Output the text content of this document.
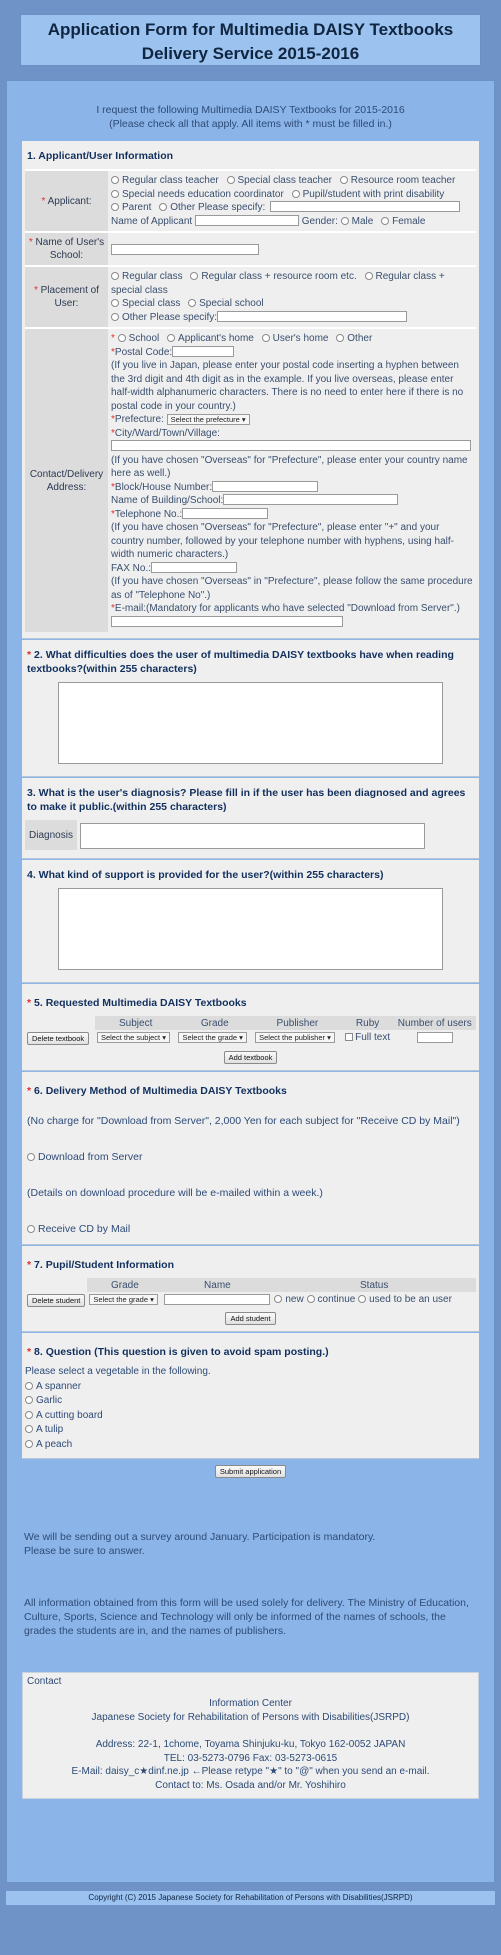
Application Form for Multimedia DAISY Textbooks
Delivery Service 2015-2016
I request the following Multimedia DAISY Textbooks for 2015-2016
(Please check all that apply. All items with * must be filled in.)
1. Applicant/User Information
* Applicant:
Regular class teacher Special class teacher Resource room teacher
Special needs education coordinator Pupil/student with print disability
Parent Other Please specify:
Name of Applicant	Gender: Male Female
* Name of User's School:
* Placement of User:
Regular class Regular class + resource room etc. Regular class + special class
Special class Special school
Other Please specify:
Contact/Delivery Address:
* School Applicant's home User's home Other
*Postal Code:
(If you live in Japan, please enter your postal code inserting a hyphen between the 3rd digit and 4th digit as in the example. If you live overseas, please enter half-width alphanumeric characters. There is no need to enter here if there is no postal code in your country.)
*Prefecture: Select the prefecture ▾
*City/Ward/Town/Village:

(If you have chosen "Overseas" for "Prefecture", please enter your country name here as well.)
*Block/House Number:
Name of Building/School:
*Telephone No.:
(If you have chosen "Overseas" for "Prefecture", please enter "+" and your country number, followed by your telephone number with hyphens, using half-width numeric characters.)
FAX No.:
(If you have chosen "Overseas" in "Prefecture", please follow the same procedure as of "Telephone No".)
*E-mail:(Mandatory for applicants who have selected "Download from Server".)

* 2. What difficulties does the user of multimedia DAISY textbooks have when reading textbooks?(within 255 characters)
3. What is the user's diagnosis? Please fill in if the user has been diagnosed and agrees to make it public.(within 255 characters)
Diagnosis
4. What kind of support is provided for the user?(within 255 characters)
* 5. Requested Multimedia DAISY Textbooks
	Subject	Grade	Publisher	Ruby	Number of users
Delete textbook	Select the subject ▾	Select the grade ▾	Select the publisher ▾	Full text	
Add textbook
* 6. Delivery Method of Multimedia DAISY Textbooks
(No charge for "Download from Server", 2,000 Yen for each subject for "Receive CD by Mail")
Download from Server
(Details on download procedure will be e-mailed within a week.)
Receive CD by Mail
* 7. Pupil/Student Information
	Grade	Name	Status
Delete student	Select the grade ▾		new continue used to be an user
Add student
* 8. Question (This question is given to avoid spam posting.)
Please select a vegetable in the following.
A spanner
Garlic
A cutting board
A tulip
A peach
Submit application
We will be sending out a survey around January. Participation is mandatory.
Please be sure to answer.
All information obtained from this form will be used solely for delivery. The Ministry of Education, Culture, Sports, Science and Technology will only be informed of the names of schools, the grades the students are in, and the names of publishers.
Contact
Information Center
Japanese Society for Rehabilitation of Persons with Disabilities(JSRPD)
Address: 22-1, 1chome, Toyama Shinjuku-ku, Tokyo 162-0052 JAPAN
TEL: 03-5273-0796 Fax: 03-5273-0615
E-Mail: daisy_c★dinf.ne.jp ←Please retype "★" to "@" when you send an e-mail.
Contact to: Ms. Osada and/or Mr. Yoshihiro
Copyright (C) 2015 Japanese Society for Rehabilitation of Persons with Disabilities(JSRPD)
